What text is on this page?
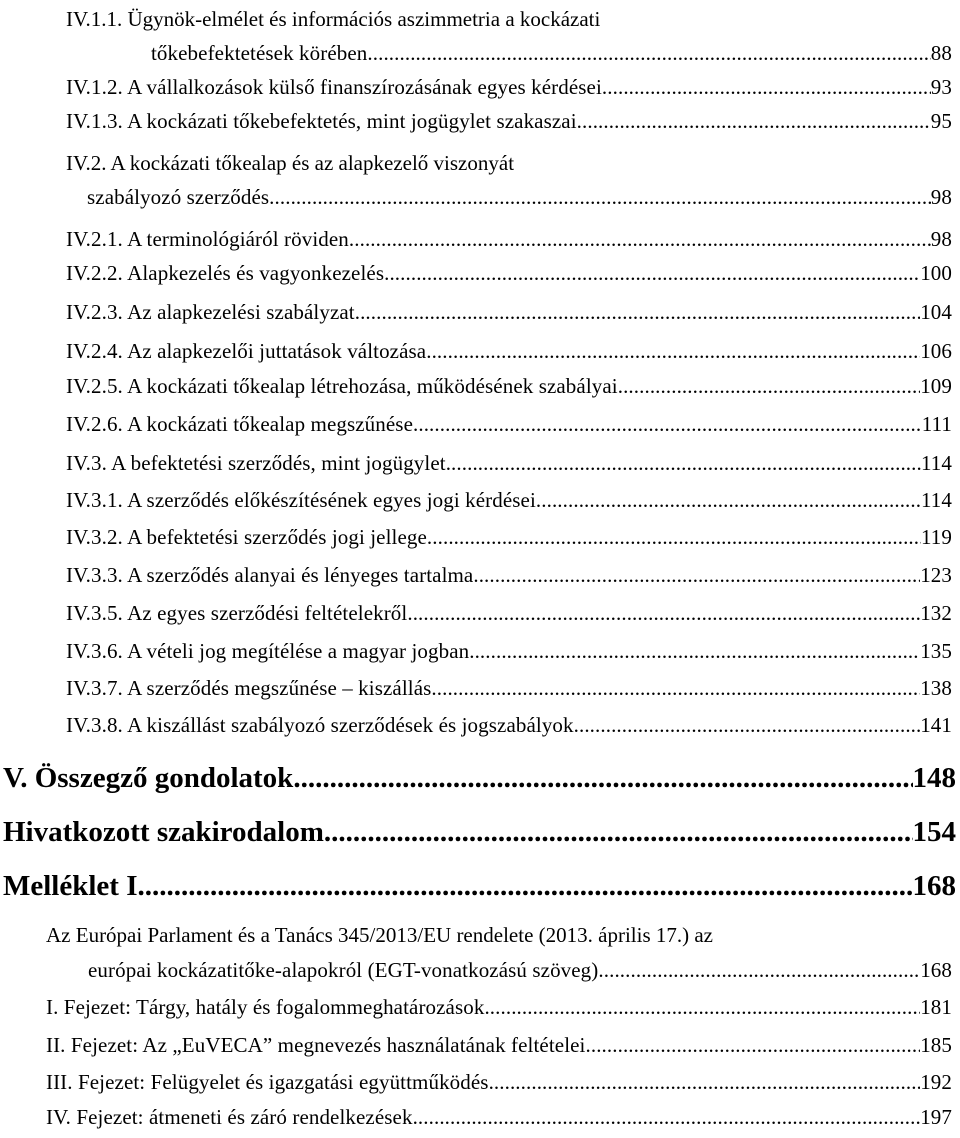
IV.1.1. Ügynök-elmélet és információs aszimmetria a kockázati
tőkebefektetések körében .....	88
IV.1.2. A vállalkozások külső finanszírozásának egyes kérdései .....	93
IV.1.3. A kockázati tőkebefektetés, mint jogügylet szakaszai .....	95
IV.2. A kockázati tőkealap és az alapkezelő viszonyát
szabályozó szerződés .....	98
IV.2.1. A terminológiáról röviden .....	98
IV.2.2. Alapkezelés és vagyonkezelés .....	100
IV.2.3. Az alapkezelési szabályzat .....	104
IV.2.4. Az alapkezelői juttatások változása .....	106
IV.2.5. A kockázati tőkealap létrehozása, működésének szabályai .....	109
IV.2.6. A kockázati tőkealap megszűnése .....	111
IV.3. A befektetési szerződés, mint jogügylet .....	114
IV.3.1. A szerződés előkészítésének egyes jogi kérdései .....	114
IV.3.2. A befektetési szerződés jogi jellege .....	119
IV.3.3. A szerződés alanyai és lényeges tartalma .....	123
IV.3.5. Az egyes szerződési feltételekről .....	132
IV.3.6. A vételi jog megítélése a magyar jogban .....	135
IV.3.7. A szerződés megszűnése – kiszállás .....	138
IV.3.8. A kiszállást szabályozó szerződések és jogszabályok .....	141
V. Összegző gondolatok .....	148
Hivatkozott szakirodalom .....	154
Melléklet I. .....	168
Az Európai Parlament és a Tanács 345/2013/EU rendelete (2013. április 17.) az
európai kockázatitőke-alapokról (EGT-vonatkozású szöveg) .....	168
I. Fejezet: Tárgy, hatály és fogalommeghatározások .....	181
II. Fejezet: Az „EuVECA” megnevezés használatának feltételei .....	185
III. Fejezet: Felügyelet és igazgatási együttműködés .....	192
IV. Fejezet: átmeneti és záró rendelkezések .....	197
